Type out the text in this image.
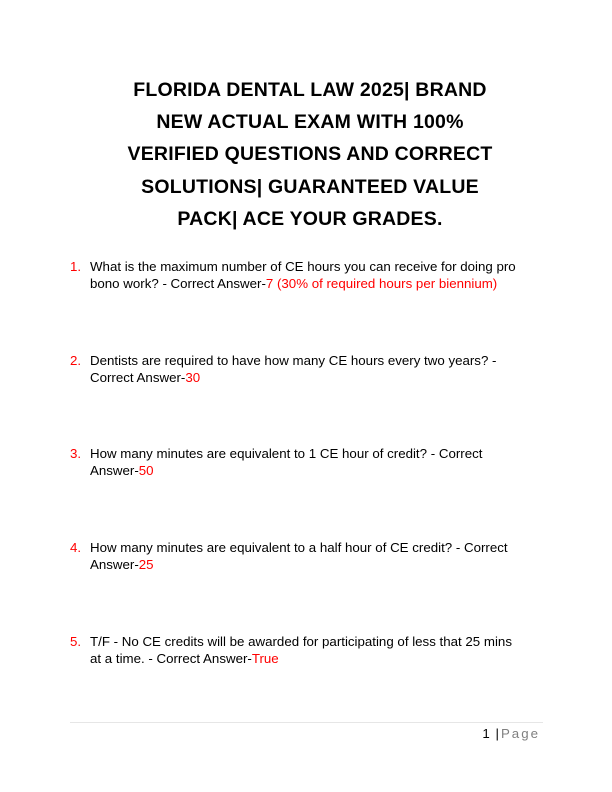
FLORIDA DENTAL LAW 2025| BRAND
NEW ACTUAL EXAM WITH 100%
VERIFIED QUESTIONS AND CORRECT
SOLUTIONS| GUARANTEED VALUE
PACK| ACE YOUR GRADES.
1. What is the maximum number of CE hours you can receive for doing pro
bono work? - Correct Answer-7 (30% of required hours per biennium)
2. Dentists are required to have how many CE hours every two years? -
Correct Answer-30
3. How many minutes are equivalent to 1 CE hour of credit? - Correct
Answer-50
4. How many minutes are equivalent to a half hour of CE credit? - Correct
Answer-25
5. T/F - No CE credits will be awarded for participating of less that 25 mins
at a time. - Correct Answer-True
1 |Page
